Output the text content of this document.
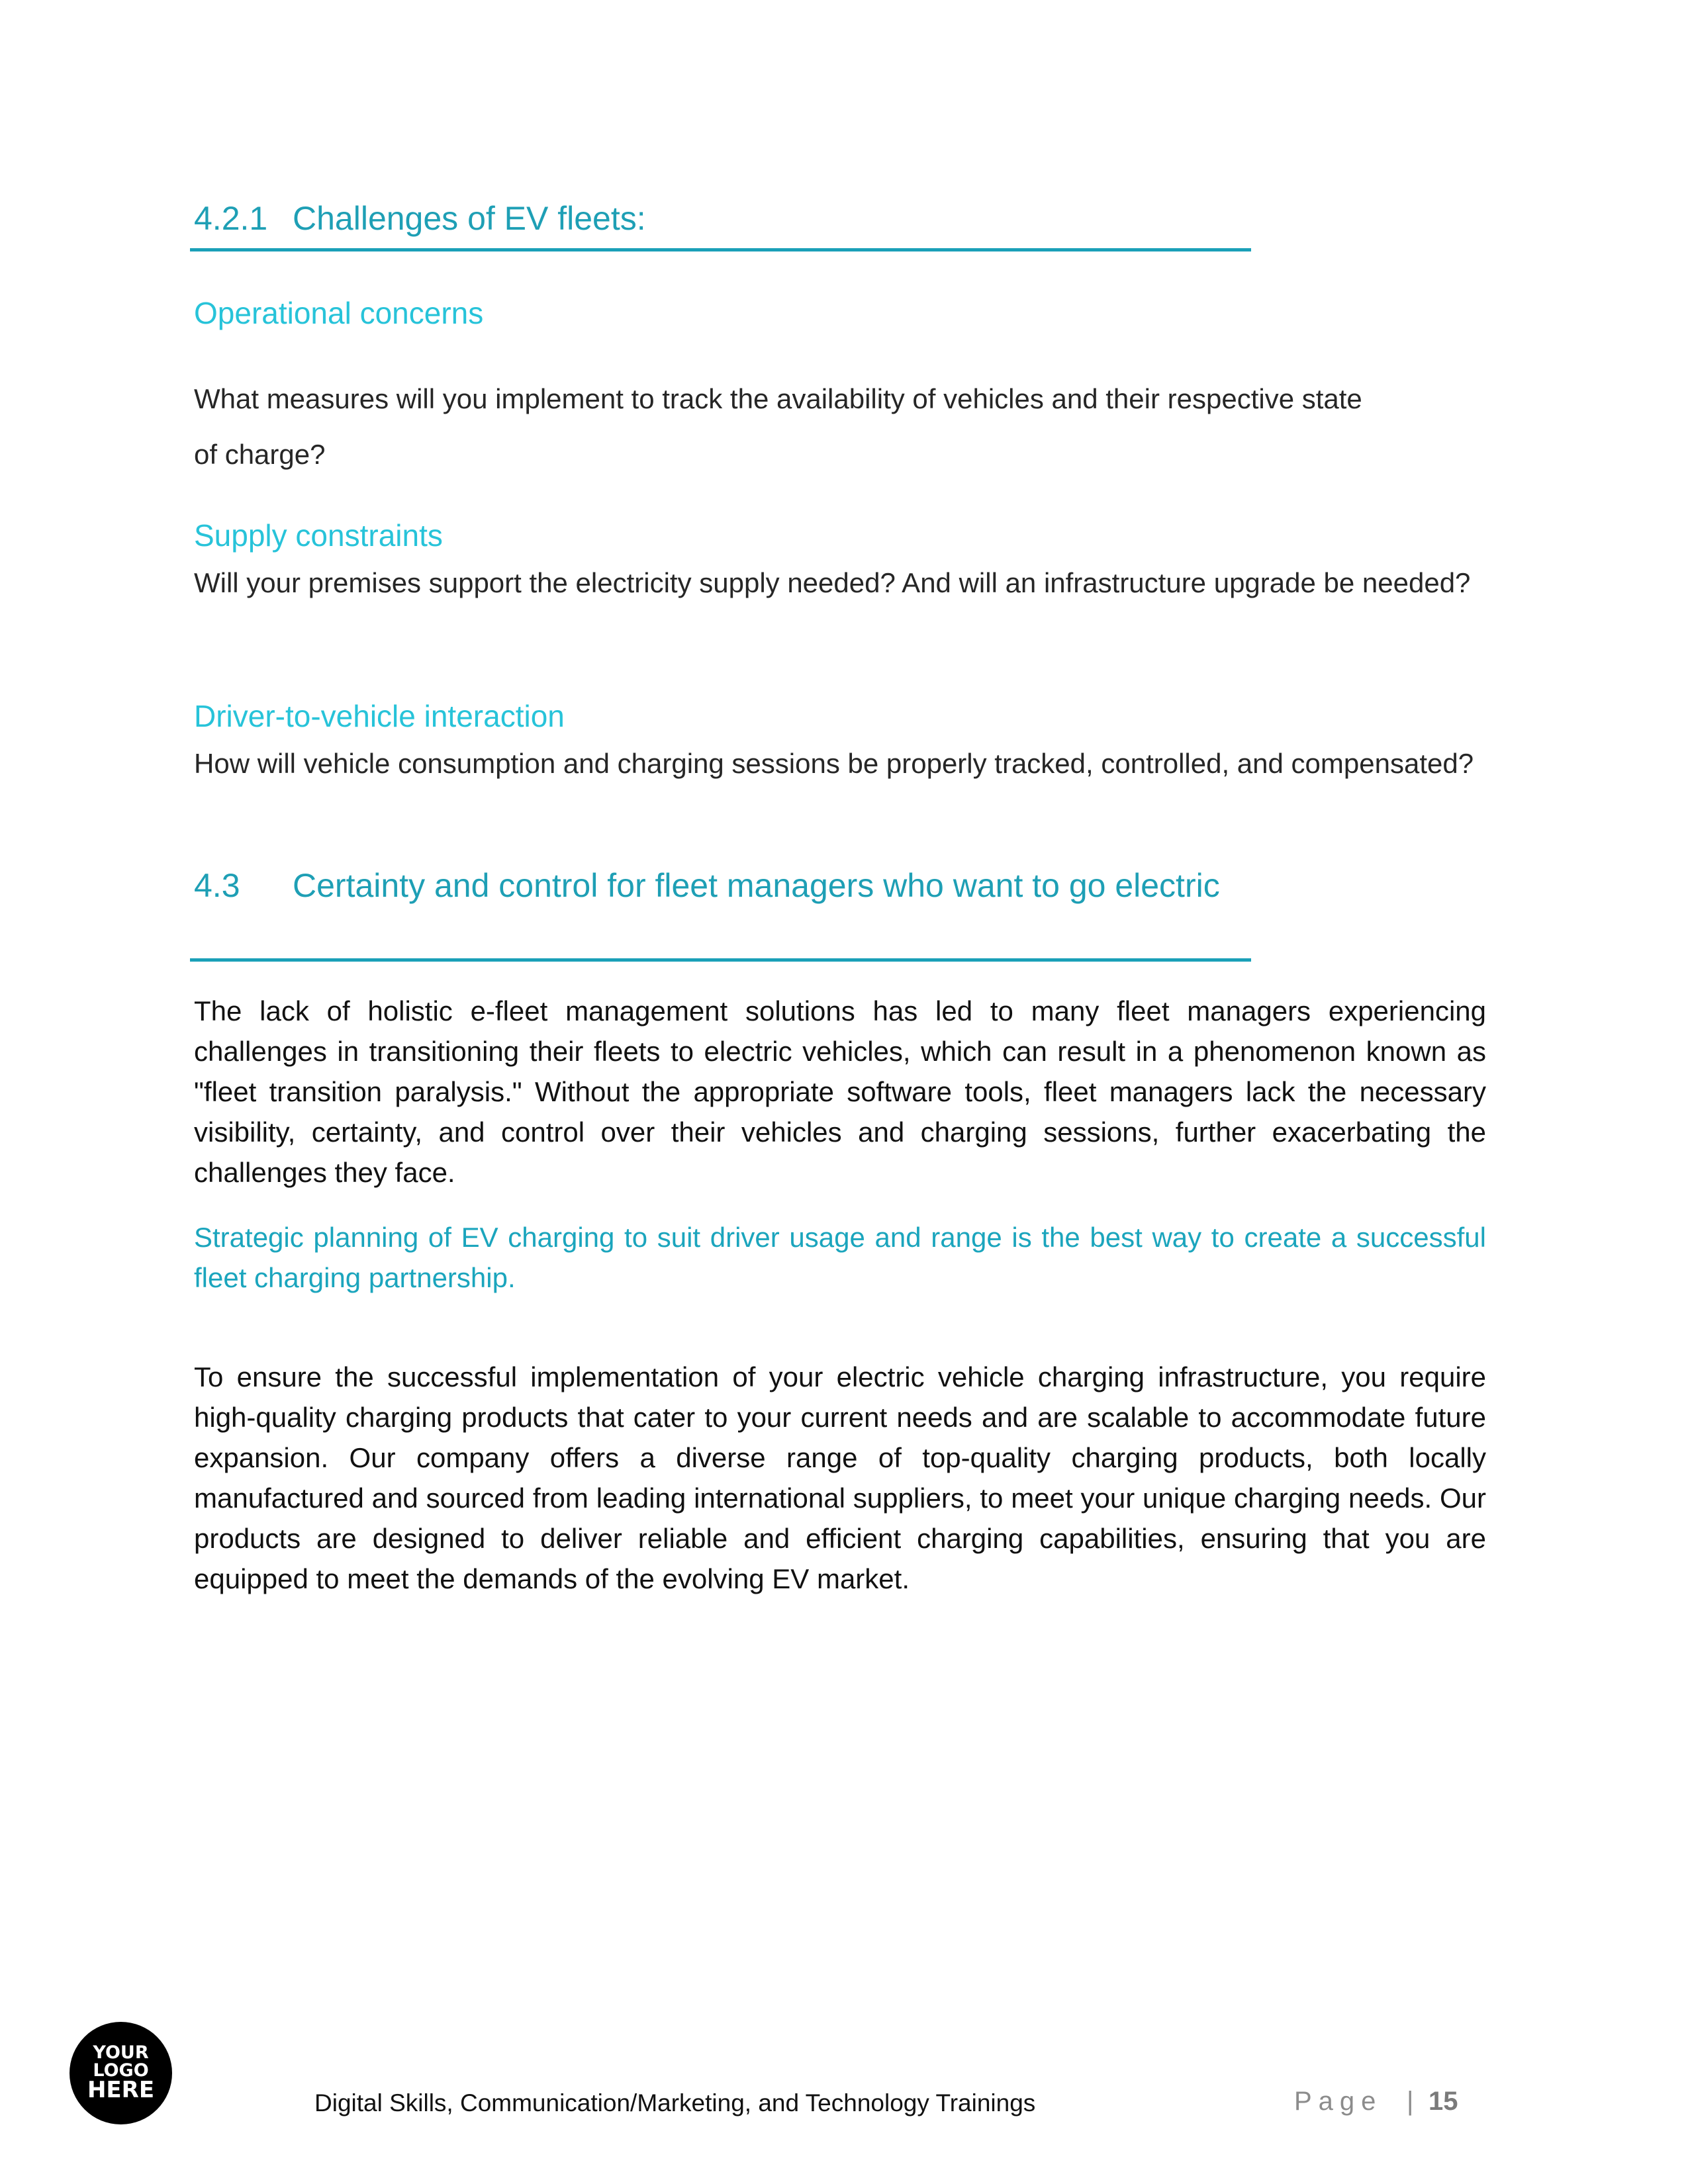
4.2.1 Challenges of EV fleets:
Operational concerns
What measures will you implement to track the availability of vehicles and their respective state
of charge?
Supply constraints
Will your premises support the electricity supply needed? And will an infrastructure upgrade be needed?
Driver-to-vehicle interaction
How will vehicle consumption and charging sessions be properly tracked, controlled, and compensated?
4.3 Certainty and control for fleet managers who want to go electric
The lack of holistic e-fleet management solutions has led to many fleet managers experiencing challenges in transitioning their fleets to electric vehicles, which can result in a phenomenon known as "fleet transition paralysis." Without the appropriate software tools, fleet managers lack the necessary visibility, certainty, and control over their vehicles and charging sessions, further exacerbating the challenges they face.
Strategic planning of EV charging to suit driver usage and range is the best way to create a successful fleet charging partnership.
To ensure the successful implementation of your electric vehicle charging infrastructure, you require high-quality charging products that cater to your current needs and are scalable to accommodate future expansion. Our company offers a diverse range of top-quality charging products, both locally manufactured and sourced from leading international suppliers, to meet your unique charging needs. Our products are designed to deliver reliable and efficient charging capabilities, ensuring that you are equipped to meet the demands of the evolving EV market.
YOUR
LOGO
HERE	Digital Skills, Communication/Marketing, and Technology Trainings	Page | 15
